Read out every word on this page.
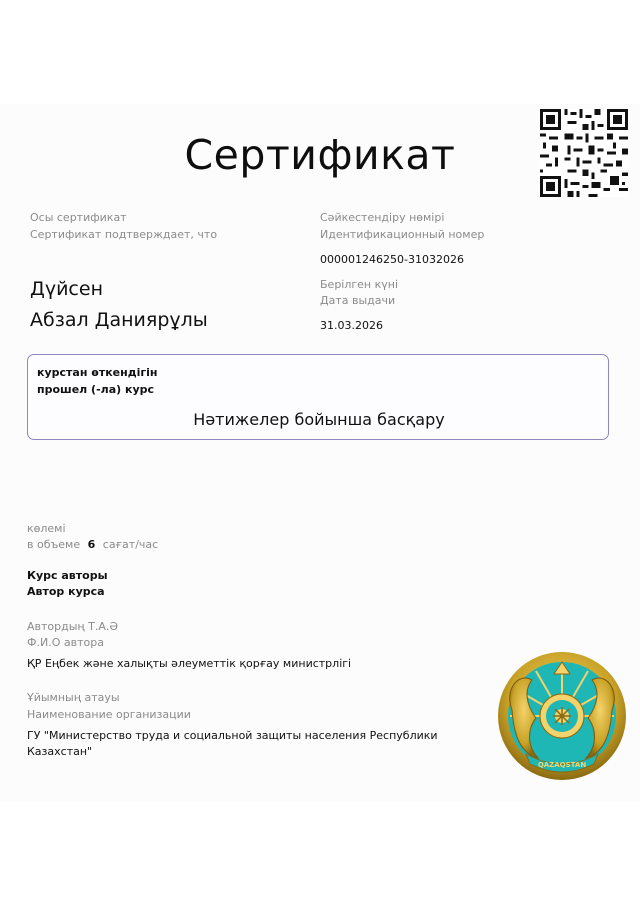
Сертификат
Осы сертификат
Сертификат подтверждает, что
Дүйсен
Абзал Даниярұлы
Сәйкестендіру нөмірі
Идентификационный номер
000001246250-31032026
Берілген күні
Дата выдачи
31.03.2026
курстан өткендігін
прошел (-ла) курс
Нәтижелер бойынша басқару
көлемі
в объеме 6 сағат/час
Курс авторы
Автор курса
Автордың Т.А.Ә
Ф.И.О автора
ҚР Еңбек және халықты әлеуметтік қорғау министрлігі
Ұйымның атауы
Наименование организации
ГУ "Министерство труда и социальной защиты населения Республики
Казахстан"
QAZAQSTAN
